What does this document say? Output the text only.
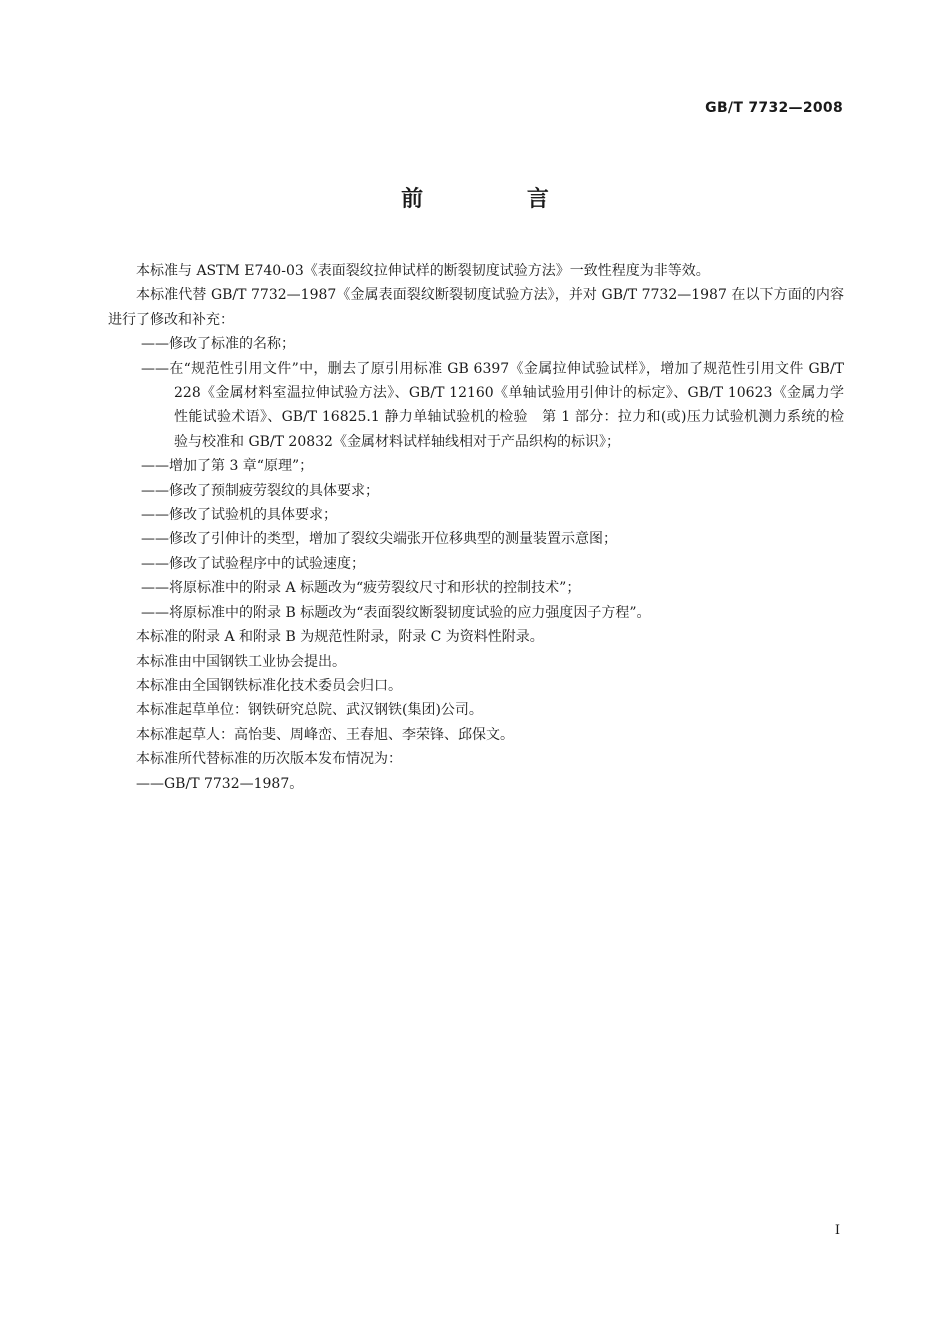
GB/T 7732—2008
前 言

本标准与 ASTM E740-03《表面裂纹拉伸试样的断裂韧度试验方法》一致性程度为非等效。

本标准代替 GB/T 7732—1987《金属表面裂纹断裂韧度试验方法》，并对 GB/T 7732—1987 在以下方面的内容进行了修改和补充：

——修改了标准的名称；

——在“规范性引用文件”中，删去了原引用标准 GB 6397《金属拉伸试验试样》，增加了规范性引用文件 GB/T 228《金属材料室温拉伸试验方法》、GB/T 12160《单轴试验用引伸计的标定》、GB/T 10623《金属力学性能试验术语》、GB/T 16825.1 静力单轴试验机的检验　第 1 部分：拉力和(或)压力试验机测力系统的检验与校准和 GB/T 20832《金属材料试样轴线相对于产品织构的标识》；

——增加了第 3 章“原理”；

——修改了预制疲劳裂纹的具体要求；

——修改了试验机的具体要求；

——修改了引伸计的类型，增加了裂纹尖端张开位移典型的测量装置示意图；

——修改了试验程序中的试验速度；

——将原标准中的附录 A 标题改为“疲劳裂纹尺寸和形状的控制技术”；

——将原标准中的附录 B 标题改为“表面裂纹断裂韧度试验的应力强度因子方程”。

本标准的附录 A 和附录 B 为规范性附录，附录 C 为资料性附录。

本标准由中国钢铁工业协会提出。

本标准由全国钢铁标准化技术委员会归口。

本标准起草单位：钢铁研究总院、武汉钢铁(集团)公司。

本标准起草人：高怡斐、周峰峦、王春旭、李荣锋、邱保文。

本标准所代替标准的历次版本发布情况为：

——GB/T 7732—1987。

I
